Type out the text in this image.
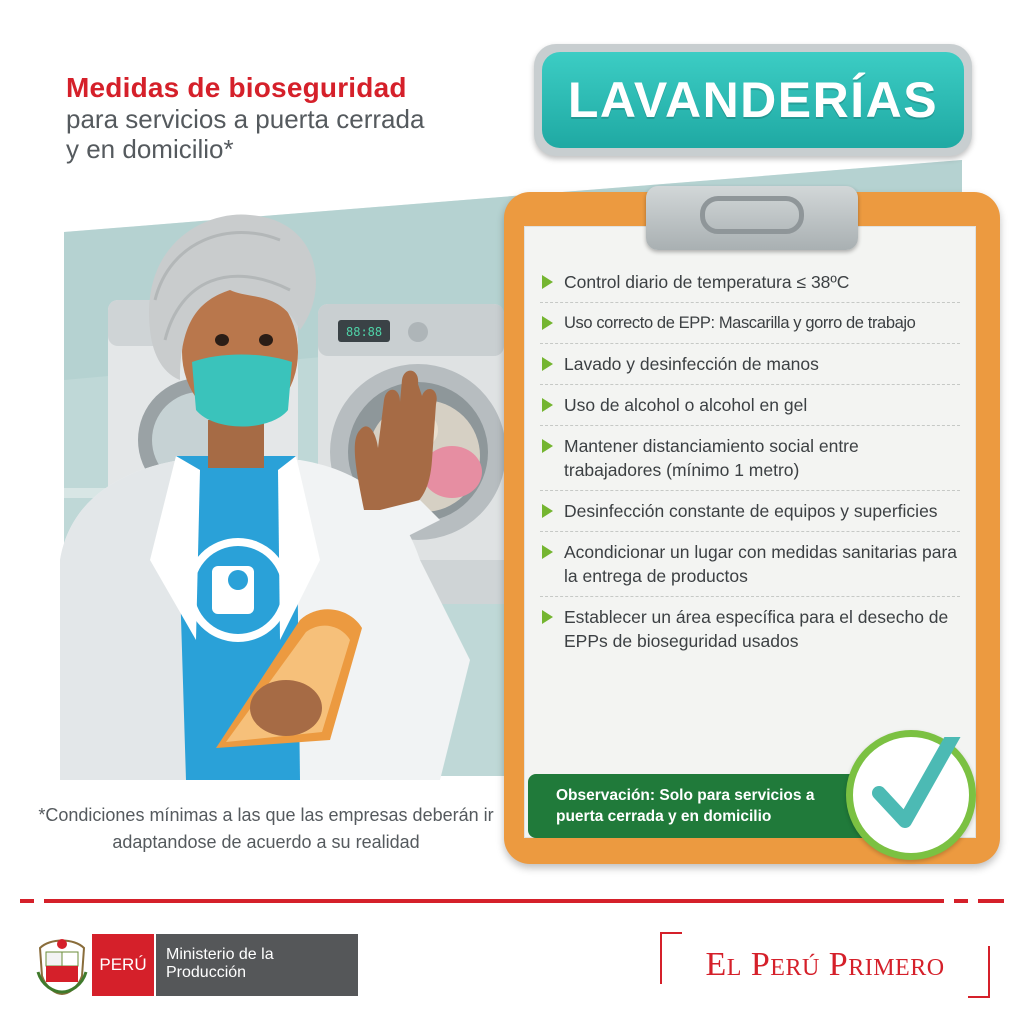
88:88
Medidas de bioseguridad
para servicios a puerta cerrada
y en domicilio*
LAVANDERÍAS
Control diario de temperatura ≤ 38ºC
Uso correcto de EPP: Mascarilla y gorro de trabajo
Lavado y desinfección de manos
Uso de alcohol o alcohol en gel
Mantener distanciamiento social entre trabajadores (mínimo 1 metro)
Desinfección constante de equipos y superficies
Acondicionar un lugar con medidas sanitarias para la entrega de productos
Establecer un área específica para el desecho de EPPs de bioseguridad usados
Observación: Solo para servicios a puerta cerrada y en domicilio
*Condiciones mínimas a las que las empresas deberán ir adaptandose de acuerdo a su realidad
PERÚ
Ministerio de la Producción	El Perú Primero
